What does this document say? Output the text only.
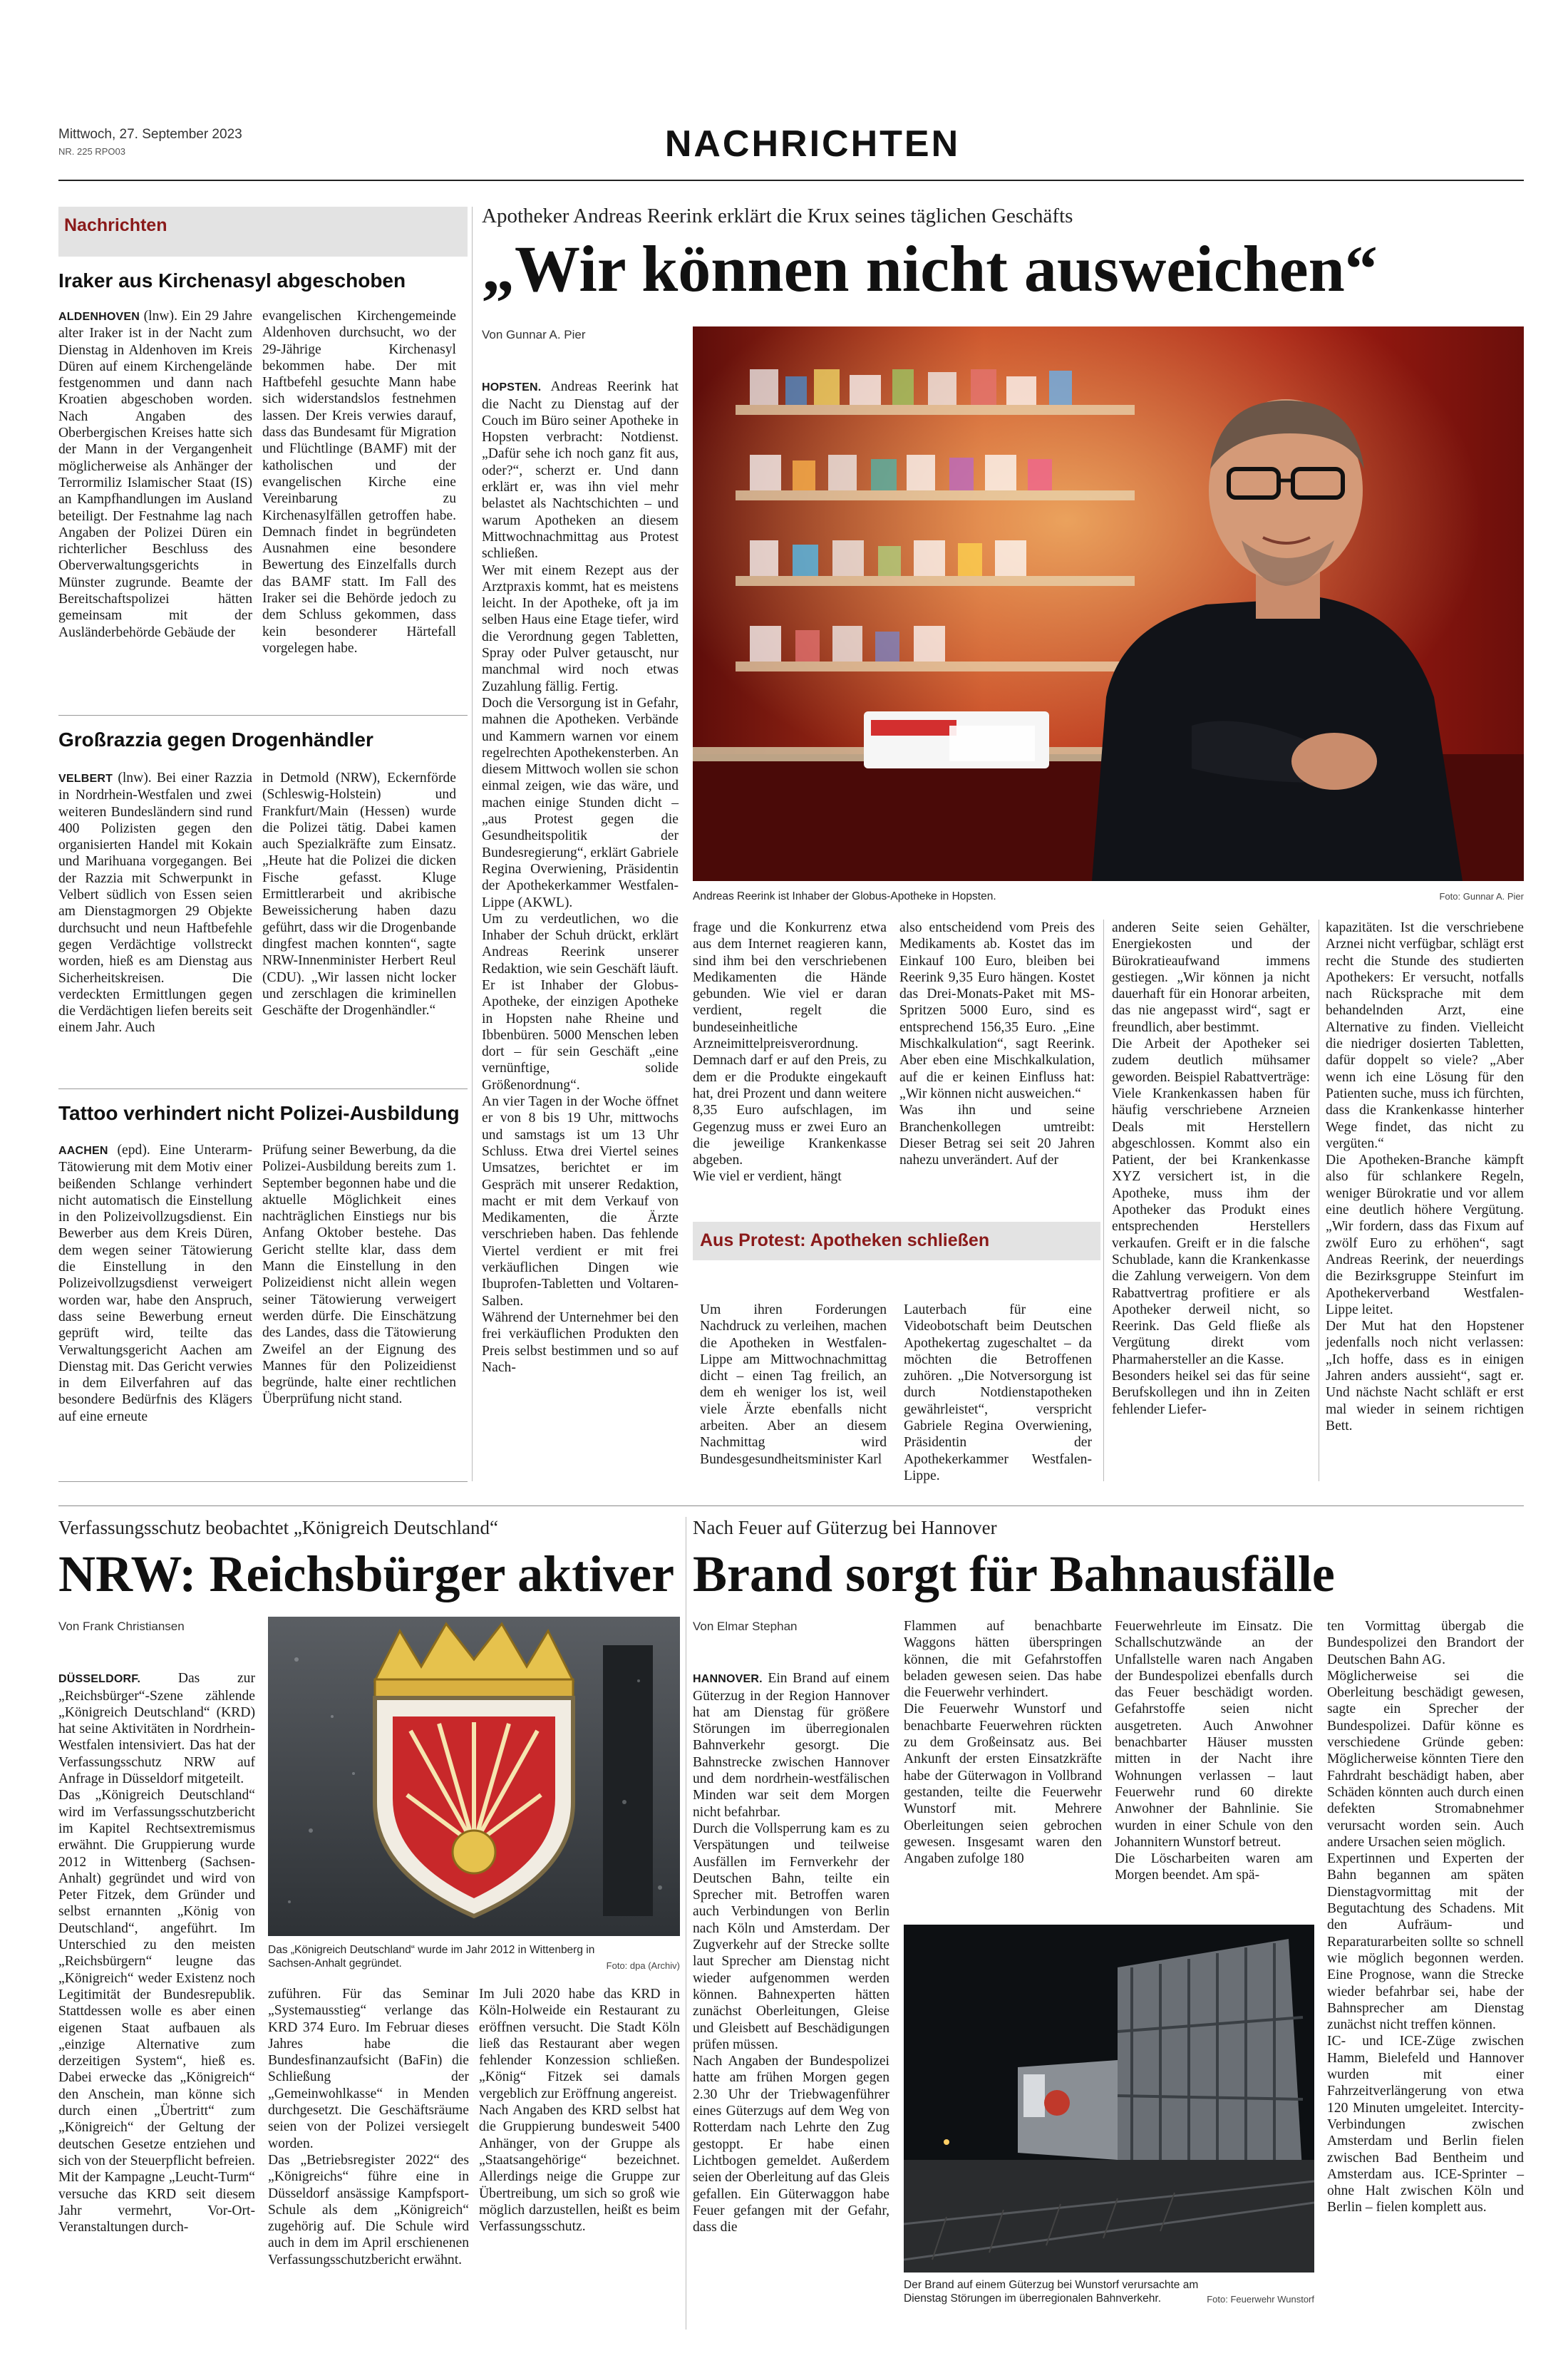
Mittwoch, 27. September 2023
NR. 225 RPO03	NACHRICHTEN
Nachrichten
Iraker aus Kirchenasyl abgeschoben
ALDENHOVEN (lnw). Ein 29 Jahre alter Iraker ist in der Nacht zum Dienstag in Aldenhoven im Kreis Düren auf einem Kirchengelände festgenommen und dann nach Kroatien abgeschoben worden. Nach Angaben des Oberbergischen Kreises hatte sich der Mann in der Vergangenheit möglicherweise als Anhänger der Terrormiliz Islamischer Staat (IS) an Kampfhandlungen im Ausland beteiligt. Der Festnahme lag nach Angaben der Polizei Düren ein richterlicher Beschluss des Oberverwaltungsgerichts in Münster zugrunde. Beamte der Bereitschaftspolizei hätten gemeinsam mit der Ausländerbehörde Gebäude der
evangelischen Kirchengemeinde Aldenhoven durchsucht, wo der 29-Jährige Kirchenasyl bekommen habe. Der mit Haftbefehl gesuchte Mann habe sich widerstandslos festnehmen lassen. Der Kreis verwies darauf, dass das Bundesamt für Migration und Flüchtlinge (BAMF) mit der katholischen und der evangelischen Kirche eine Vereinbarung zu Kirchenasylfällen getroffen habe. Demnach findet in begründeten Ausnahmen eine besondere Bewertung des Einzelfalls durch das BAMF statt. Im Fall des Iraker sei die Behörde jedoch zu dem Schluss gekommen, dass kein besonderer Härtefall vorgelegen habe.
Großrazzia gegen Drogenhändler
VELBERT (lnw). Bei einer Razzia in Nordrhein-Westfalen und zwei weiteren Bundesländern sind rund 400 Polizisten gegen den organisierten Handel mit Kokain und Marihuana vorgegangen. Bei der Razzia mit Schwerpunkt in Velbert südlich von Essen seien am Dienstagmorgen 29 Objekte durchsucht und neun Haftbefehle gegen Verdächtige vollstreckt worden, hieß es am Dienstag aus Sicherheitskreisen. Die verdeckten Ermittlungen gegen die Verdächtigen liefen bereits seit einem Jahr. Auch
in Detmold (NRW), Eckernförde (Schleswig-Holstein) und Frankfurt/Main (Hessen) wurde die Polizei tätig. Dabei kamen auch Spezialkräfte zum Einsatz. „Heute hat die Polizei die dicken Fische gefasst. Kluge Ermittlerarbeit und akribische Beweissicherung haben dazu geführt, dass wir die Drogenbande dingfest machen konnten“, sagte NRW-Innenminister Herbert Reul (CDU). „Wir lassen nicht locker und zerschlagen die kriminellen Geschäfte der Drogenhändler.“
Tattoo verhindert nicht Polizei-Ausbildung
AACHEN (epd). Eine Unterarm-Tätowierung mit dem Motiv einer beißenden Schlange verhindert nicht automatisch die Einstellung in den Polizeivollzugsdienst. Ein Bewerber aus dem Kreis Düren, dem wegen seiner Tätowierung die Einstellung in den Polizeivollzugsdienst verweigert worden war, habe den Anspruch, dass seine Bewerbung erneut geprüft wird, teilte das Verwaltungsgericht Aachen am Dienstag mit. Das Gericht verwies in dem Eilverfahren auf das besondere Bedürfnis des Klägers auf eine erneute
Prüfung seiner Bewerbung, da die Polizei-Ausbildung bereits zum 1. September begonnen habe und die aktuelle Möglichkeit eines nachträglichen Einstiegs nur bis Anfang Oktober bestehe. Das Gericht stellte klar, dass dem Mann die Einstellung in den Polizeidienst nicht allein wegen seiner Tätowierung verweigert werden dürfe. Die Einschätzung des Landes, dass die Tätowierung Zweifel an der Eignung des Mannes für den Polizeidienst begründe, halte einer rechtlichen Überprüfung nicht stand.
Apotheker Andreas Reerink erklärt die Krux seines täglichen Geschäfts
„Wir können nicht ausweichen“
Von Gunnar A. Pier

HOPSTEN. Andreas Reerink hat die Nacht zu Dienstag auf der Couch im Büro seiner Apotheke in Hopsten verbracht: Notdienst. „Dafür sehe ich noch ganz fit aus, oder?“, scherzt er. Und dann erklärt er, was ihn viel mehr belastet als Nachtschichten – und warum Apotheken an diesem Mittwochnachmittag aus Protest schließen.
Wer mit einem Rezept aus der Arztpraxis kommt, hat es meistens leicht. In der Apotheke, oft ja im selben Haus eine Etage tiefer, wird die Verordnung gegen Tabletten, Spray oder Pulver getauscht, nur manchmal wird noch etwas Zuzahlung fällig. Fertig.
Doch die Versorgung ist in Gefahr, mahnen die Apotheken. Verbände und Kammern warnen vor einem regelrechten Apothekensterben. An diesem Mittwoch wollen sie schon einmal zeigen, wie das wäre, und machen einige Stunden dicht – „aus Protest gegen die Gesundheitspolitik der Bundesregierung“, erklärt Gabriele Regina Overwiening, Präsidentin der Apothekerkammer Westfalen-Lippe (AKWL).
Um zu verdeutlichen, wo die Inhaber der Schuh drückt, erklärt Andreas Reerink unserer Redaktion, wie sein Geschäft läuft. Er ist Inhaber der Globus-Apotheke, der einzigen Apotheke in Hopsten nahe Rheine und Ibbenbüren. 5000 Menschen leben dort – für sein Geschäft „eine vernünftige, solide Größenordnung“.
An vier Tagen in der Woche öffnet er von 8 bis 19 Uhr, mittwochs und samstags ist um 13 Uhr Schluss. Etwa drei Viertel seines Umsatzes, berichtet er im Gespräch mit unserer Redaktion, macht er mit dem Verkauf von Medikamenten, die Ärzte verschrieben haben. Das fehlende Viertel verdient er mit frei verkäuflichen Dingen wie Ibuprofen-Tabletten und Voltaren-Salben.
Während der Unternehmer bei den frei verkäuflichen Produkten den Preis selbst bestimmen und so auf Nach-

Andreas Reerink ist Inhaber der Globus-Apotheke in Hopsten.	Foto: Gunnar A. Pier
frage und die Konkurrenz etwa aus dem Internet reagieren kann, sind ihm bei den verschriebenen Medikamenten die Hände gebunden. Wie viel er daran verdient, regelt die bundeseinheitliche Arzneimittelpreisverordnung.
Demnach darf er auf den Preis, zu dem er die Produkte eingekauft hat, drei Prozent und dann weitere 8,35 Euro aufschlagen, im Gegenzug muss er zwei Euro an die jeweilige Krankenkasse abgeben.
Wie viel er verdient, hängt
also entscheidend vom Preis des Medikaments ab. Kostet das im Einkauf 100 Euro, bleiben bei Reerink 9,35 Euro hängen. Kostet das Drei-Monats-Paket mit MS-Spritzen 5000 Euro, sind es entsprechend 156,35 Euro. „Eine Mischkalkulation“, sagt Reerink. Aber eben eine Mischkalkulation, auf die er keinen Einfluss hat: „Wir können nicht ausweichen.“
Was ihn und seine Branchenkollegen umtreibt: Dieser Betrag sei seit 20 Jahren nahezu unverändert. Auf der
anderen Seite seien Gehälter, Energiekosten und der Bürokratieaufwand immens gestiegen. „Wir können ja nicht dauerhaft für ein Honorar arbeiten, das nie angepasst wird“, sagt er freundlich, aber bestimmt.
Die Arbeit der Apotheker sei zudem deutlich mühsamer geworden. Beispiel Rabattverträge: Viele Krankenkassen haben für häufig verschriebene Arzneien Deals mit Herstellern abgeschlossen. Kommt also ein Patient, der bei Krankenkasse XYZ versichert ist, in die Apotheke, muss ihm der Apotheker das Produkt eines entsprechenden Herstellers verkaufen. Greift er in die falsche Schublade, kann die Krankenkasse die Zahlung verweigern. Von dem Rabattvertrag profitiere er als Apotheker derweil nicht, so Reerink. Das Geld fließe als Vergütung direkt vom Pharmahersteller an die Kasse.
Besonders heikel sei das für seine Berufskollegen und ihn in Zeiten fehlender Liefer-
kapazitäten. Ist die verschriebene Arznei nicht verfügbar, schlägt erst recht die Stunde des studierten Apothekers: Er versucht, notfalls nach Rücksprache mit dem behandelnden Arzt, eine Alternative zu finden. Vielleicht die niedriger dosierten Tabletten, dafür doppelt so viele? „Aber wenn ich eine Lösung für den Patienten suche, muss ich fürchten, dass die Krankenkasse hinterher Wege findet, das nicht zu vergüten.“
Die Apotheken-Branche kämpft also für schlankere Regeln, weniger Bürokratie und vor allem eine deutlich höhere Vergütung. „Wir fordern, dass das Fixum auf zwölf Euro zu erhöhen“, sagt Andreas Reerink, der neuerdings die Bezirksgruppe Steinfurt im Apothekerverband Westfalen-Lippe leitet.
Der Mut hat den Hopstener jedenfalls noch nicht verlassen: „Ich hoffe, dass es in einigen Jahren anders aussieht“, sagt er. Und nächste Nacht schläft er erst mal wieder in seinem richtigen Bett.
Aus Protest: Apotheken schließen
Um ihren Forderungen Nachdruck zu verleihen, machen die Apotheken in Westfalen-Lippe am Mittwochnachmittag dicht – einen Tag freilich, an dem eh weniger los ist, weil viele Ärzte ebenfalls nicht arbeiten. Aber an diesem Nachmittag wird Bundesgesundheitsminister Karl
Lauterbach für eine Videobotschaft beim Deutschen Apothekertag zugeschaltet – da möchten die Betroffenen zuhören. „Die Notversorgung ist durch Notdienstapotheken gewährleistet“, verspricht Gabriele Regina Overwiening, Präsidentin der Apothekerkammer Westfalen-Lippe.
Verfassungsschutz beobachtet „Königreich Deutschland“
NRW: Reichsbürger aktiver
Von Frank Christiansen

DÜSSELDORF.	Das zur „Reichsbürger“-Szene zählende „Königreich Deutschland“ (KRD) hat seine Aktivitäten in Nordrhein-Westfalen intensiviert. Das hat der Verfassungsschutz NRW auf Anfrage in Düsseldorf mitgeteilt.
Das „Königreich Deutschland“ wird im Verfassungsschutzbericht im Kapitel Rechtsextremismus erwähnt. Die Gruppierung wurde 2012 in Wittenberg (Sachsen-Anhalt) gegründet und wird von Peter Fitzek, dem Gründer und selbst ernannten „König von Deutschland“, angeführt. Im Unterschied zu den meisten „Reichsbürgern“ leugne das „Königreich“ weder Existenz noch Legitimität der Bundesrepublik. Stattdessen wolle es aber einen eigenen Staat aufbauen als „einzige Alternative zum derzeitigen System“, hieß es. Dabei erwecke das „Königreich“ den Anschein, man könne sich durch einen „Übertritt“ zum „Königreich“ der Geltung der deutschen Gesetze entziehen und sich von der Steuerpflicht befreien.
Mit der Kampagne „Leucht-Turm“ versuche das KRD seit diesem Jahr vermehrt, Vor-Ort-Veranstaltungen durch-

Das „Königreich Deutschland“ wurde im Jahr 2012 in Wittenberg in Sachsen-Anhalt gegründet.	Foto: dpa (Archiv)
zuführen. Für das Seminar „Systemausstieg“ verlange das KRD 374 Euro. Im Februar dieses Jahres habe die Bundesfinanzaufsicht (BaFin) die Schließung der „Gemeinwohlkasse“ in Menden durchgesetzt. Die Geschäftsräume seien von der Polizei versiegelt worden.
Das „Betriebsregister 2022“ des „Königreichs“ führe eine in Düsseldorf ansässige Kampfsport-Schule als dem „Königreich“ zugehörig auf. Die Schule wird auch in dem im April erschienenen Verfassungsschutzbericht erwähnt.
Im Juli 2020 habe das KRD in Köln-Holweide ein Restaurant zu eröffnen versucht. Die Stadt Köln ließ das Restaurant aber wegen fehlender Konzession schließen. „König“ Fitzek sei damals vergeblich zur Eröffnung angereist.
Nach Angaben des KRD selbst hat die Gruppierung bundesweit 5400 Anhänger, von der Gruppe als „Staatsangehörige“ bezeichnet. Allerdings neige die Gruppe zur Übertreibung, um sich so groß wie möglich darzustellen, heißt es beim Verfassungsschutz.
Nach Feuer auf Güterzug bei Hannover
Brand sorgt für Bahnausfälle
Von Elmar Stephan

HANNOVER. Ein Brand auf einem Güterzug in der Region Hannover hat am Dienstag für größere Störungen im überregionalen Bahnverkehr gesorgt. Die Bahnstrecke zwischen Hannover und dem nordrhein-westfälischen Minden war seit dem Morgen nicht befahrbar.
Durch die Vollsperrung kam es zu Verspätungen und teilweise Ausfällen im Fernverkehr der Deutschen Bahn, teilte ein Sprecher mit. Betroffen waren auch Verbindungen von Berlin nach Köln und Amsterdam. Der Zugverkehr auf der Strecke sollte laut Sprecher am Dienstag nicht wieder aufgenommen werden können. Bahnexperten hätten zunächst Oberleitungen, Gleise und Gleisbett auf Beschädigungen prüfen müssen.
Nach Angaben der Bundespolizei hatte am frühen Morgen gegen 2.30 Uhr der Triebwagenführer eines Güterzugs auf dem Weg von Rotterdam nach Lehrte den Zug gestoppt. Er habe einen Lichtbogen gemeldet. Außerdem seien der Oberleitung auf das Gleis gefallen. Ein Güterwaggon habe Feuer gefangen mit der Gefahr, dass die

Flammen auf benachbarte Waggons hätten überspringen können, die mit Gefahrstoffen beladen gewesen seien. Das habe die Feuerwehr verhindert.
Die Feuerwehr Wunstorf und benachbarte Feuerwehren rückten zu dem Großeinsatz aus. Bei Ankunft der ersten Einsatzkräfte habe der Güterwagon in Vollbrand gestanden, teilte die Feuerwehr Wunstorf mit. Mehrere Oberleitungen seien gebrochen gewesen. Insgesamt waren den Angaben zufolge 180
Feuerwehrleute im Einsatz. Die Schallschutzwände an der Unfallstelle waren nach Angaben der Bundespolizei ebenfalls durch das Feuer beschädigt worden. Gefahrstoffe seien nicht ausgetreten. Auch Anwohner benachbarter Häuser mussten mitten in der Nacht ihre Wohnungen verlassen – laut Feuerwehr rund 60 direkte Anwohner der Bahnlinie. Sie wurden in einer Schule von den Johannitern Wunstorf betreut.
Die Löscharbeiten waren am Morgen beendet. Am spä-
ten Vormittag übergab die Bundespolizei den Brandort der Deutschen Bahn AG.
Möglicherweise sei die Oberleitung beschädigt gewesen, sagte ein Sprecher der Bundespolizei. Dafür könne es verschiedene Gründe geben: Möglicherweise könnten Tiere den Fahrdraht beschädigt haben, aber Schäden könnten auch durch einen defekten Stromabnehmer verursacht worden sein. Auch andere Ursachen seien möglich.
Expertinnen und Experten der Bahn begannen am späten Dienstagvormittag mit der Begutachtung des Schadens. Mit den Aufräum- und Reparaturarbeiten sollte so schnell wie möglich begonnen werden. Eine Prognose, wann die Strecke wieder befahrbar sei, habe der Bahnsprecher am Dienstag zunächst nicht treffen können.
IC- und ICE-Züge zwischen Hamm, Bielefeld und Hannover wurden mit einer Fahrzeitverlängerung von etwa 120 Minuten umgeleitet. Intercity-Verbindungen zwischen Amsterdam und Berlin fielen zwischen Bad Bentheim und Amsterdam aus. ICE-Sprinter – ohne Halt zwischen Köln und Berlin – fielen komplett aus.
Der Brand auf einem Güterzug bei Wunstorf verursachte am Dienstag Störungen im überregionalen Bahnverkehr.	Foto: Feuerwehr Wunstorf
